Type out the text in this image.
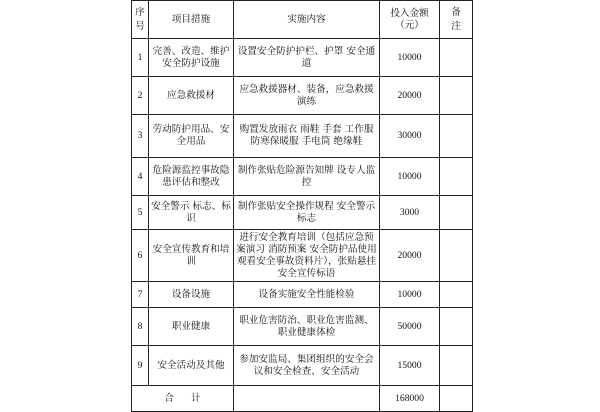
序号	项目措施	实施内容	投入金额（元）	备注
1	完善、改造、维护安全防护设施	设置安全防护护栏、护罩 安全通道	10000	
2	应急救援材	应急救援器材、装备，应急救援演练	20000	
3	劳动防护用品、安全用品	购置发放雨衣 雨鞋 手套 工作服防寒保暖服 手电筒 绝缘鞋	30000	
4	危险源监控事故隐患评估和整改	制作张贴危险源告知牌 设专人监控	10000	
5	安全警示 标志、标识	制作张贴安全操作规程 安全警示标志	3000	
6	安全宣传教育和培训	进行安全教育培训（包括应急预案演习 消防预案 安全防护品使用观看安全事故资料片），张贴悬挂安全宣传标语	20000	
7	设备设施	设备实施安全性能检验	10000	
8	职业健康	职业危害防治、职业危害监测、职业健康体检	50000	
9	安全活动及其他	参加安监局、集团组织的安全会议和安全检查、安全活动	15000	
合 计			168000	
